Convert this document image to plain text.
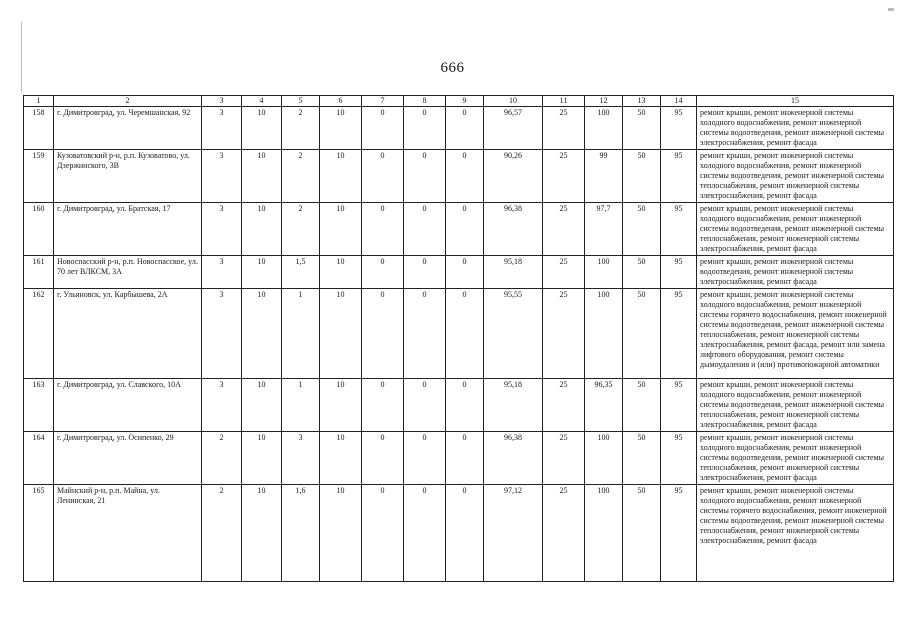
666
1	2	3	4	5	6	7	8	9	10	11	12	13	14	15
158	г. Димитровград, ул. Черемшанская, 92	3	10	2	10	0	0	0	96,57	25	100	50	95	ремонт крыши, ремонт инженерной системы холодного водоснабжения, ремонт инженерной системы водоотведения, ремонт инженерной системы электроснабжения, ремонт фасада
159	Кузоватовский р-н, р.п. Кузоватово, ул. Дзержинского, 3В	3	10	2	10	0	0	0	90,26	25	99	50	95	ремонт крыши, ремонт инженерной системы холодного водоснабжения, ремонт инженерной системы водоотведения, ремонт инженерной системы теплоснабжения, ремонт инженерной системы электроснабжения, ремонт фасада
160	г. Димитровград, ул. Братская, 17	3	10	2	10	0	0	0	96,38	25	97,7	50	95	ремонт крыши, ремонт инженерной системы холодного водоснабжения, ремонт инженерной системы водоотведения, ремонт инженерной системы теплоснабжения, ремонт инженерной системы электроснабжения, ремонт фасада
161	Новоспасский р-н, р.п. Новоспасское, ул. 70 лет ВЛКСМ, 3А	3	10	1,5	10	0	0	0	95,18	25	100	50	95	ремонт крыши, ремонт инженерной системы водоотведения, ремонт инженерной системы электроснабжения, ремонт фасада
162	г. Ульяновск, ул. Карбышева, 2А	3	10	1	10	0	0	0	95,55	25	100	50	95	ремонт крыши, ремонт инженерной системы холодного водоснабжения, ремонт инженерной системы горячего водоснабжения, ремонт инженерной системы водоотведения, ремонт инженерной системы теплоснабжения, ремонт инженерной системы электроснабжения, ремонт фасада, ремонт или замена лифтового оборудования, ремонт системы дымоудаления и (или) противопожарной автоматики
163	г. Димитровград, ул. Славского, 10А	3	10	1	10	0	0	0	95,18	25	96,35	50	95	ремонт крыши, ремонт инженерной системы холодного водоснабжения, ремонт инженерной системы водоотведения, ремонт инженерной системы теплоснабжения, ремонт инженерной системы электроснабжения, ремонт фасада
164	г. Димитровград, ул. Осипенко, 29	2	10	3	10	0	0	0	96,38	25	100	50	95	ремонт крыши, ремонт инженерной системы холодного водоснабжения, ремонт инженерной системы водоотведения, ремонт инженерной системы теплоснабжения, ремонт инженерной системы электроснабжения, ремонт фасада
165	Майнский р-н, р.п. Майна, ул. Ленинская, 21	2	10	1,6	10	0	0	0	97,12	25	100	50	95	ремонт крыши, ремонт инженерной системы холодного водоснабжения, ремонт инженерной системы горячего водоснабжения, ремонт инженерной системы водоотведения, ремонт инженерной системы теплоснабжения, ремонт инженерной системы электроснабжения, ремонт фасада
